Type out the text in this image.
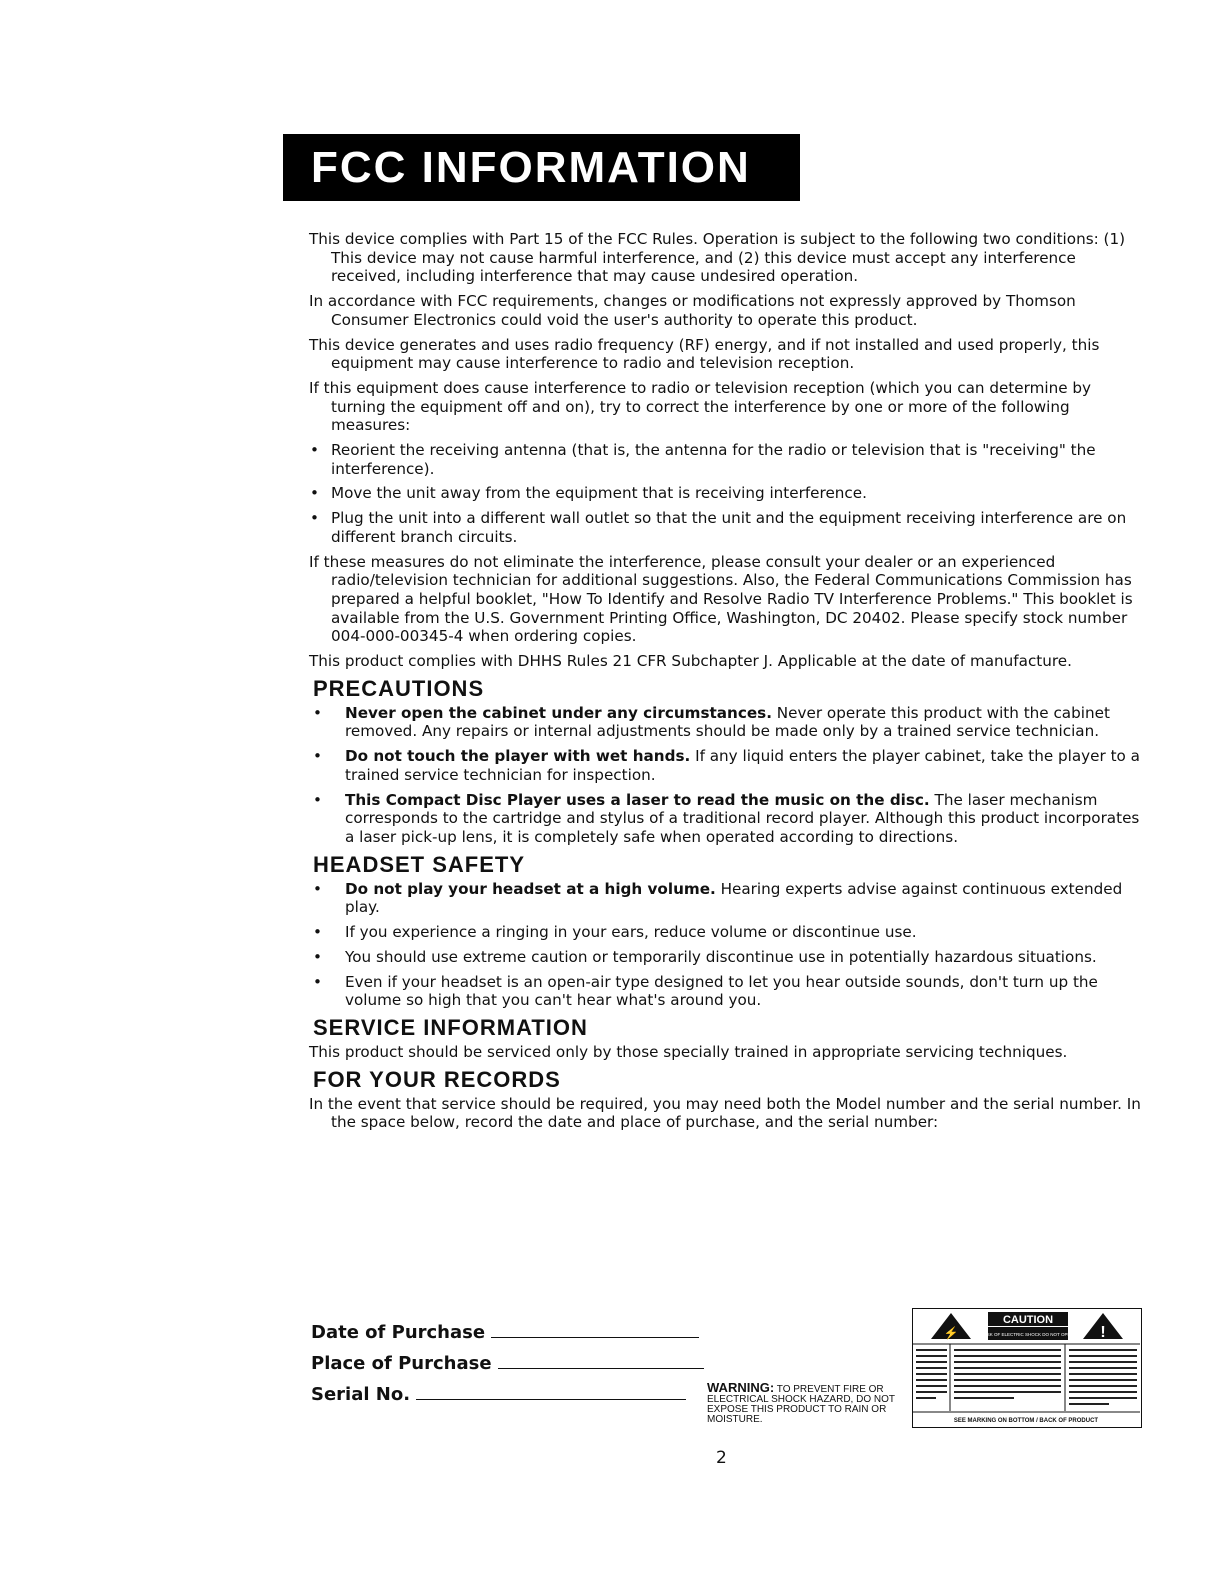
FCC INFORMATION

This device complies with Part 15 of the FCC Rules. Operation is subject to the following two conditions: (1) This device may not cause harmful interference, and (2) this device must accept any interference received, including interference that may cause undesired operation.

In accordance with FCC requirements, changes or modifications not expressly approved by Thomson Consumer Electronics could void the user's authority to operate this product.

This device generates and uses radio frequency (RF) energy, and if not installed and used properly, this equipment may cause interference to radio and television reception.

If this equipment does cause interference to radio or television reception (which you can determine by turning the equipment off and on), try to correct the interference by one or more of the following measures:

• Reorient the receiving antenna (that is, the antenna for the radio or television that is "receiving" the interference).
• Move the unit away from the equipment that is receiving interference.
• Plug the unit into a different wall outlet so that the unit and the equipment receiving interference are on different branch circuits.

If these measures do not eliminate the interference, please consult your dealer or an experienced radio/television technician for additional suggestions. Also, the Federal Communications Commission has prepared a helpful booklet, "How To Identify and Resolve Radio TV Interference Problems." This booklet is available from the U.S. Government Printing Office, Washington, DC 20402. Please specify stock number 004-000-00345-4 when ordering copies.

This product complies with DHHS Rules 21 CFR Subchapter J. Applicable at the date of manufacture.

PRECAUTIONS
• Never open the cabinet under any circumstances. Never operate this product with the cabinet removed. Any repairs or internal adjustments should be made only by a trained service technician.
• Do not touch the player with wet hands. If any liquid enters the player cabinet, take the player to a trained service technician for inspection.
• This Compact Disc Player uses a laser to read the music on the disc. The laser mechanism corresponds to the cartridge and stylus of a traditional record player. Although this product incorporates a laser pick-up lens, it is completely safe when operated according to directions.
HEADSET SAFETY
• Do not play your headset at a high volume. Hearing experts advise against continuous extended play.
• If you experience a ringing in your ears, reduce volume or discontinue use.
• You should use extreme caution or temporarily discontinue use in potentially hazardous situations.
• Even if your headset is an open-air type designed to let you hear outside sounds, don't turn up the volume so high that you can't hear what's around you.
SERVICE INFORMATION

This product should be serviced only by those specially trained in appropriate servicing techniques.

FOR YOUR RECORDS

In the event that service should be required, you may need both the Model number and the serial number. In the space below, record the date and place of purchase, and the serial number:

Date of Purchase
Place of Purchase
Serial No.	WARNING: TO PREVENT FIRE OR ELECTRICAL SHOCK HAZARD, DO NOT EXPOSE THIS PRODUCT TO RAIN OR MOISTURE.
⚡
CAUTION
RISK OF ELECTRIC SHOCK DO NOT OPEN !
SEE MARKING ON BOTTOM / BACK OF PRODUCT
2
